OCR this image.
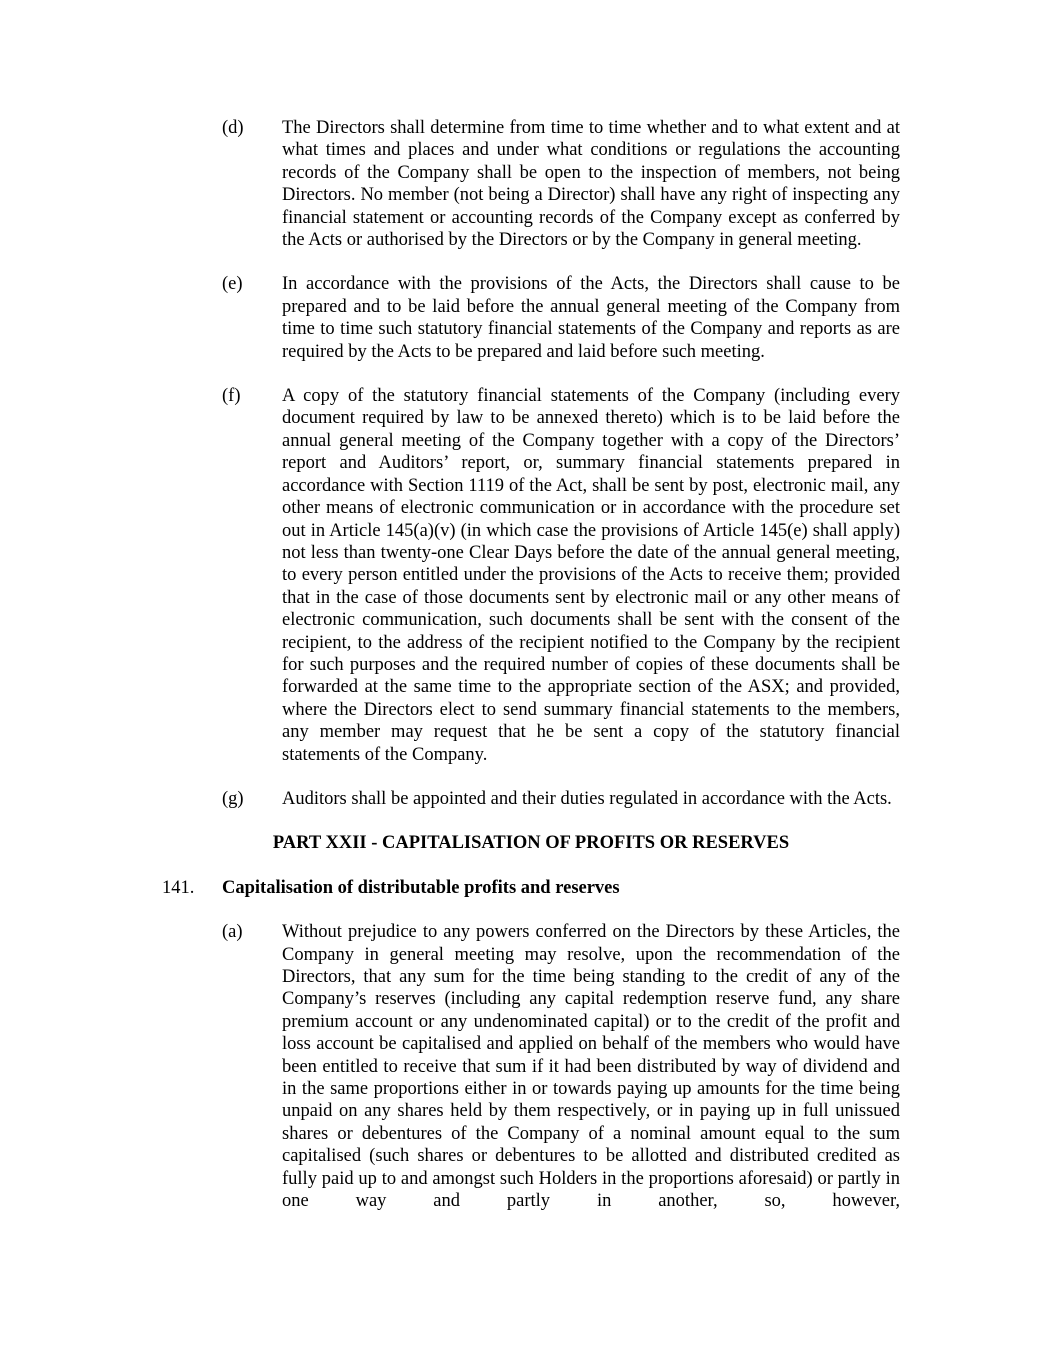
(d) The Directors shall determine from time to time whether and to what extent and at what times and places and under what conditions or regulations the accounting records of the Company shall be open to the inspection of members, not being Directors. No member (not being a Director) shall have any right of inspecting any financial statement or accounting records of the Company except as conferred by the Acts or authorised by the Directors or by the Company in general meeting.
(e) In accordance with the provisions of the Acts, the Directors shall cause to be prepared and to be laid before the annual general meeting of the Company from time to time such statutory financial statements of the Company and reports as are required by the Acts to be prepared and laid before such meeting.
(f) A copy of the statutory financial statements of the Company (including every document required by law to be annexed thereto) which is to be laid before the annual general meeting of the Company together with a copy of the Directors’ report and Auditors’ report, or, summary financial statements prepared in accordance with Section 1119 of the Act, shall be sent by post, electronic mail, any other means of electronic communication or in accordance with the procedure set out in Article 145(a)(v) (in which case the provisions of Article 145(e) shall apply) not less than twenty-one Clear Days before the date of the annual general meeting, to every person entitled under the provisions of the Acts to receive them; provided that in the case of those documents sent by electronic mail or any other means of electronic communication, such documents shall be sent with the consent of the recipient, to the address of the recipient notified to the Company by the recipient for such purposes and the required number of copies of these documents shall be forwarded at the same time to the appropriate section of the ASX; and provided, where the Directors elect to send summary financial statements to the members, any member may request that he be sent a copy of the statutory financial statements of the Company.
(g) Auditors shall be appointed and their duties regulated in accordance with the Acts.
PART XXII - CAPITALISATION OF PROFITS OR RESERVES
141. Capitalisation of distributable profits and reserves
(a) Without prejudice to any powers conferred on the Directors by these Articles, the Company in general meeting may resolve, upon the recommendation of the Directors, that any sum for the time being standing to the credit of any of the Company’s reserves (including any capital redemption reserve fund, any share premium account or any undenominated capital) or to the credit of the profit and loss account be capitalised and applied on behalf of the members who would have been entitled to receive that sum if it had been distributed by way of dividend and in the same proportions either in or towards paying up amounts for the time being unpaid on any shares held by them respectively, or in paying up in full unissued shares or debentures of the Company of a nominal amount equal to the sum capitalised (such shares or debentures to be allotted and distributed credited as fully paid up to and amongst such Holders in the proportions aforesaid) or partly in one way and partly in another, so, however,
